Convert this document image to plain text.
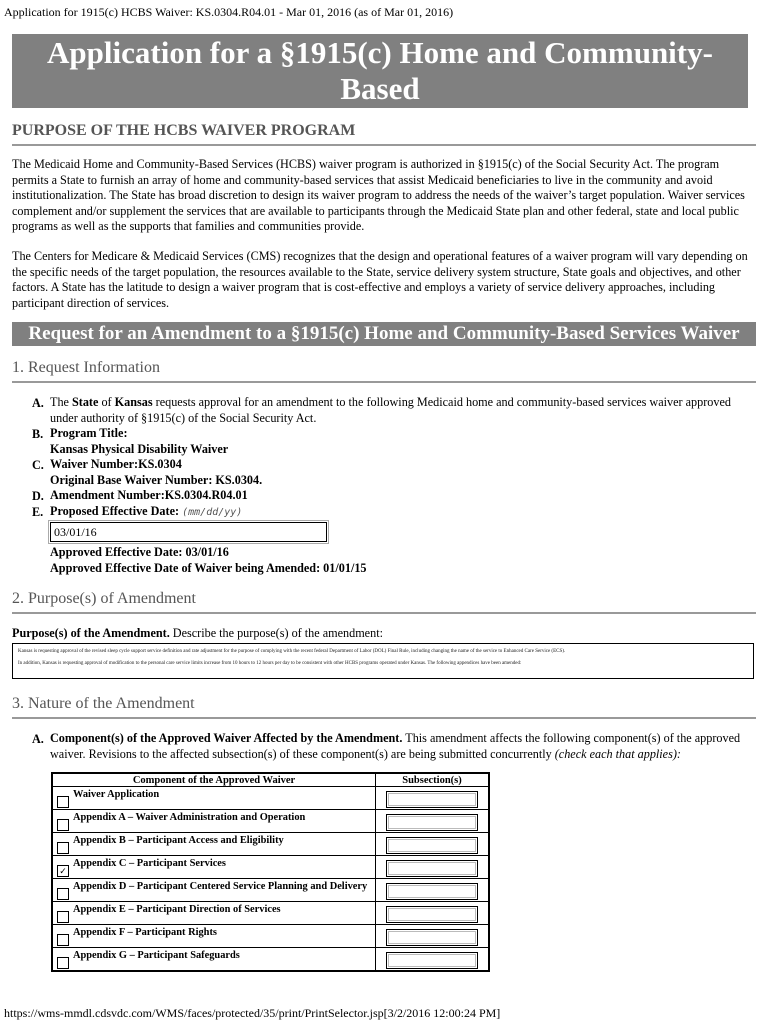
Application for 1915(c) HCBS Waiver: KS.0304.R04.01 - Mar 01, 2016 (as of Mar 01, 2016)
Application for a §1915(c) Home and Community-Based
Services Waiver
PURPOSE OF THE HCBS WAIVER PROGRAM
The Medicaid Home and Community-Based Services (HCBS) waiver program is authorized in §1915(c) of the Social Security Act. The program permits a State to furnish an array of home and community-based services that assist Medicaid beneficiaries to live in the community and avoid institutionalization. The State has broad discretion to design its waiver program to address the needs of the waiver’s target population. Waiver services complement and/or supplement the services that are available to participants through the Medicaid State plan and other federal, state and local public programs as well as the supports that families and communities provide.
The Centers for Medicare & Medicaid Services (CMS) recognizes that the design and operational features of a waiver program will vary depending on the specific needs of the target population, the resources available to the State, service delivery system structure, State goals and objectives, and other factors. A State has the latitude to design a waiver program that is cost-effective and employs a variety of service delivery approaches, including participant direction of services.
Request for an Amendment to a §1915(c) Home and Community-Based Services Waiver
1. Request Information
A. The State of Kansas requests approval for an amendment to the following Medicaid home and community-based services waiver approved
under authority of §1915(c) of the Social Security Act.
B. Program Title:
Kansas Physical Disability Waiver
C. Waiver Number:KS.0304
Original Base Waiver Number: KS.0304.
D. Amendment Number:KS.0304.R04.01
E. Proposed Effective Date: (mm/dd/yy)
03/01/16
Approved Effective Date: 03/01/16
Approved Effective Date of Waiver being Amended: 01/01/15
2. Purpose(s) of Amendment
Purpose(s) of the Amendment. Describe the purpose(s) of the amendment:
Kansas is requesting approval of the revised sleep cycle support service definition and rate adjustment for the purpose of complying with the recent federal Department of Labor (DOL) Final Rule, including changing the name of the service to Enhanced Care Service (ECS).
In addition, Kansas is requesting approval of modification to the personal care service limits increase from 10 hours to 12 hours per day to be consistent with other HCBS programs operated under Kansas. The following appendices have been amended:
3. Nature of the Amendment
A. Component(s) of the Approved Waiver Affected by the Amendment. This amendment affects the following component(s) of the approved
waiver. Revisions to the affected subsection(s) of these component(s) are being submitted concurrently (check each that applies):
Component of the Approved Waiver	Subsection(s)
Waiver Application	

Appendix A – Waiver Administration and Operation	

Appendix B – Participant Access and Eligibility	

✓Appendix C – Participant Services	

Appendix D – Participant Centered Service Planning and Delivery	

Appendix E – Participant Direction of Services	

Appendix F – Participant Rights	

Appendix G – Participant Safeguards	
https://wms-mmdl.cdsvdc.com/WMS/faces/protected/35/print/PrintSelector.jsp[3/2/2016 12:00:24 PM]
